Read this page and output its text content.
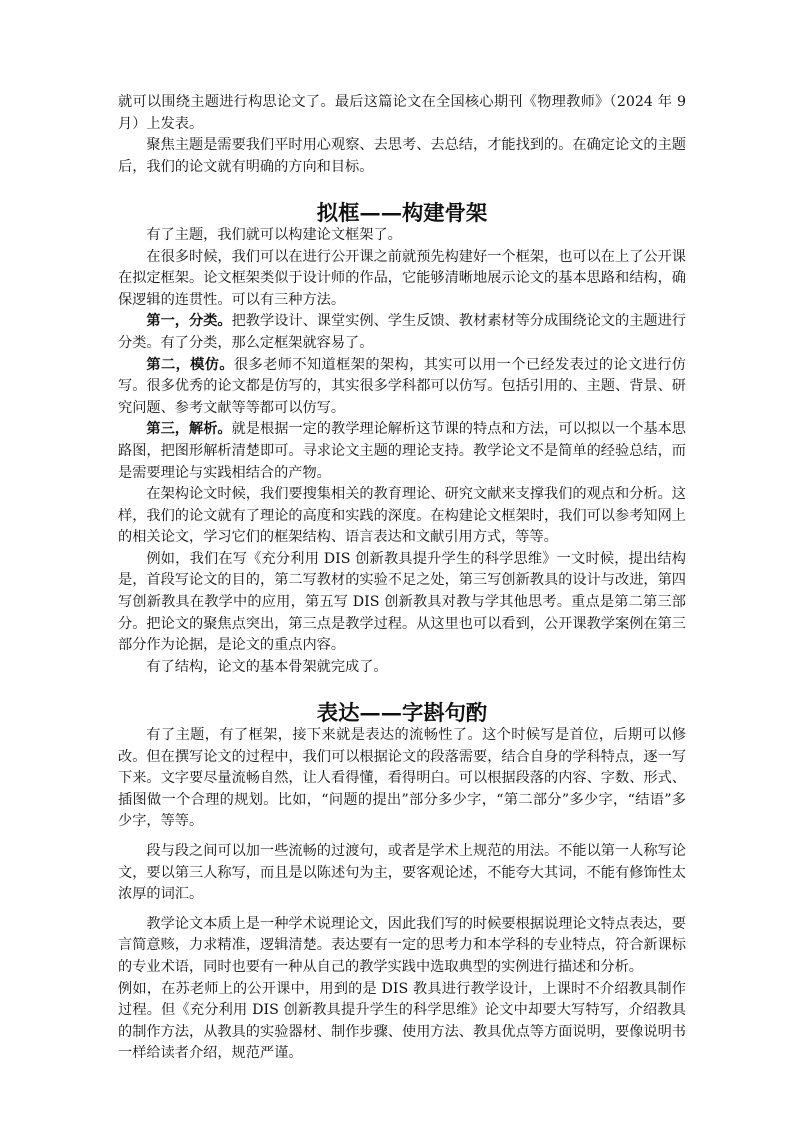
就可以围绕主题进行构思论文了。最后这篇论文在全国核心期刊《物理教师》（2024 年 9 月）上发表。

聚焦主题是需要我们平时用心观察、去思考、去总结，才能找到的。在确定论文的主题后，我们的论文就有明确的方向和目标。

拟框——构建骨架

有了主题，我们就可以构建论文框架了。

在很多时候，我们可以在进行公开课之前就预先构建好一个框架，也可以在上了公开课在拟定框架。论文框架类似于设计师的作品，它能够清晰地展示论文的基本思路和结构，确保逻辑的连贯性。可以有三种方法。

第一，分类。把教学设计、课堂实例、学生反馈、教材素材等分成围绕论文的主题进行分类。有了分类，那么定框架就容易了。

第二，模仿。很多老师不知道框架的架构，其实可以用一个已经发表过的论文进行仿写。很多优秀的论文都是仿写的，其实很多学科都可以仿写。包括引用的、主题、背景、研究问题、参考文献等等都可以仿写。

第三，解析。就是根据一定的教学理论解析这节课的特点和方法，可以拟以一个基本思路图，把图形解析清楚即可。寻求论文主题的理论支持。教学论文不是简单的经验总结，而是需要理论与实践相结合的产物。

在架构论文时候，我们要搜集相关的教育理论、研究文献来支撑我们的观点和分析。这样，我们的论文就有了理论的高度和实践的深度。在构建论文框架时，我们可以参考知网上的相关论文，学习它们的框架结构、语言表达和文献引用方式，等等。

例如，我们在写《充分利用 DIS 创新教具提升学生的科学思维》一文时候，提出结构是，首段写论文的目的，第二写教材的实验不足之处，第三写创新教具的设计与改进，第四写创新教具在教学中的应用，第五写 DIS 创新教具对教与学其他思考。重点是第二第三部分。把论文的聚焦点突出，第三点是教学过程。从这里也可以看到，公开课教学案例在第三部分作为论据，是论文的重点内容。

有了结构，论文的基本骨架就完成了。

表达——字斟句酌

有了主题，有了框架，接下来就是表达的流畅性了。这个时候写是首位，后期可以修改。但在撰写论文的过程中，我们可以根据论文的段落需要，结合自身的学科特点，逐一写下来。文字要尽量流畅自然，让人看得懂，看得明白。可以根据段落的内容、字数、形式、插图做一个合理的规划。比如，“问题的提出”部分多少字，“第二部分”多少字，“结语”多少字，等等。

段与段之间可以加一些流畅的过渡句，或者是学术上规范的用法。不能以第一人称写论文，要以第三人称写，而且是以陈述句为主，要客观论述，不能夸大其词，不能有修饰性太浓厚的词汇。

教学论文本质上是一种学术说理论文，因此我们写的时候要根据说理论文特点表达，要言简意赅，力求精准，逻辑清楚。表达要有一定的思考力和本学科的专业特点，符合新课标的专业术语，同时也要有一种从自己的教学实践中选取典型的实例进行描述和分析。

例如，在苏老师上的公开课中，用到的是 DIS 教具进行教学设计，上课时不介绍教具制作过程。但《充分利用 DIS 创新教具提升学生的科学思维》论文中却要大写特写，介绍教具的制作方法，从教具的实验器材、制作步骤、使用方法、教具优点等方面说明，要像说明书一样给读者介绍，规范严谨。
